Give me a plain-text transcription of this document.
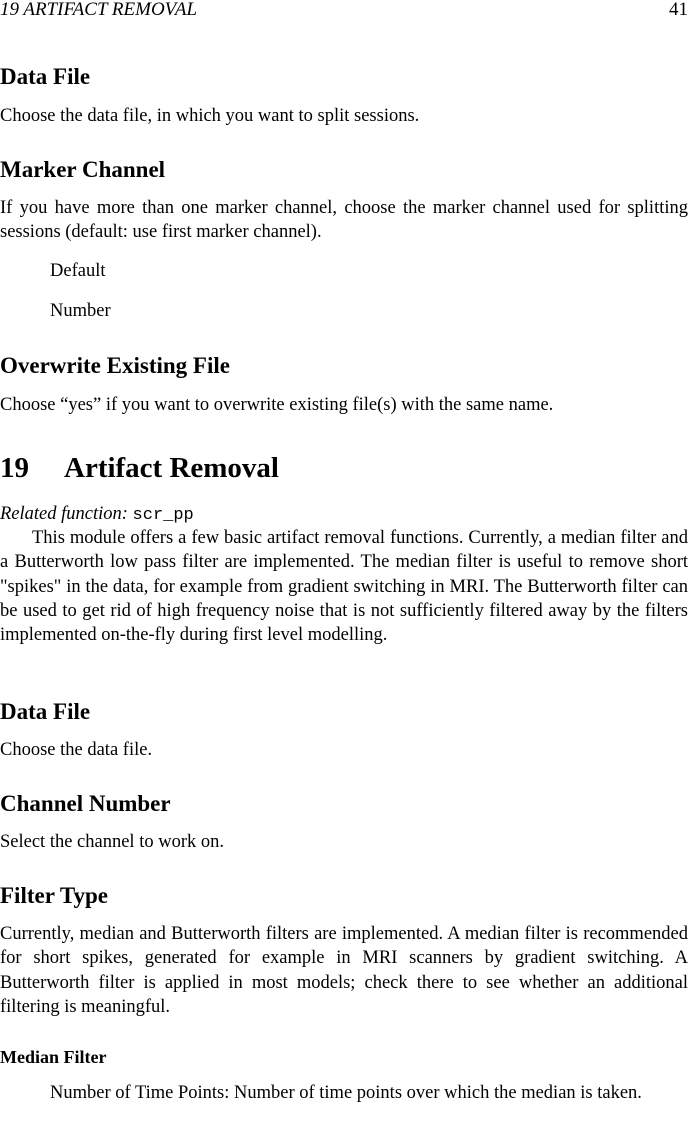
19 ARTIFACT REMOVAL	41
Data File

Choose the data file, in which you want to split sessions.

Marker Channel

If you have more than one marker channel, choose the marker channel used for splitting sessions (default: use first marker channel).

Default

Number

Overwrite Existing File

Choose “yes” if you want to overwrite existing file(s) with the same name.

19 Artifact Removal

Related function: scr_pp

This module offers a few basic artifact removal functions. Currently, a median filter and a Butterworth low pass filter are implemented. The median filter is useful to remove short "spikes" in the data, for example from gradient switching in MRI. The Butterworth filter can be used to get rid of high frequency noise that is not sufficiently filtered away by the filters implemented on-the-fly during first level modelling.

Data File

Choose the data file.

Channel Number

Select the channel to work on.

Filter Type

Currently, median and Butterworth filters are implemented. A median filter is recommended for short spikes, generated for example in MRI scanners by gradient switching. A Butterworth filter is applied in most models; check there to see whether an additional filtering is meaningful.

Median Filter

Number of Time Points: Number of time points over which the median is taken.
